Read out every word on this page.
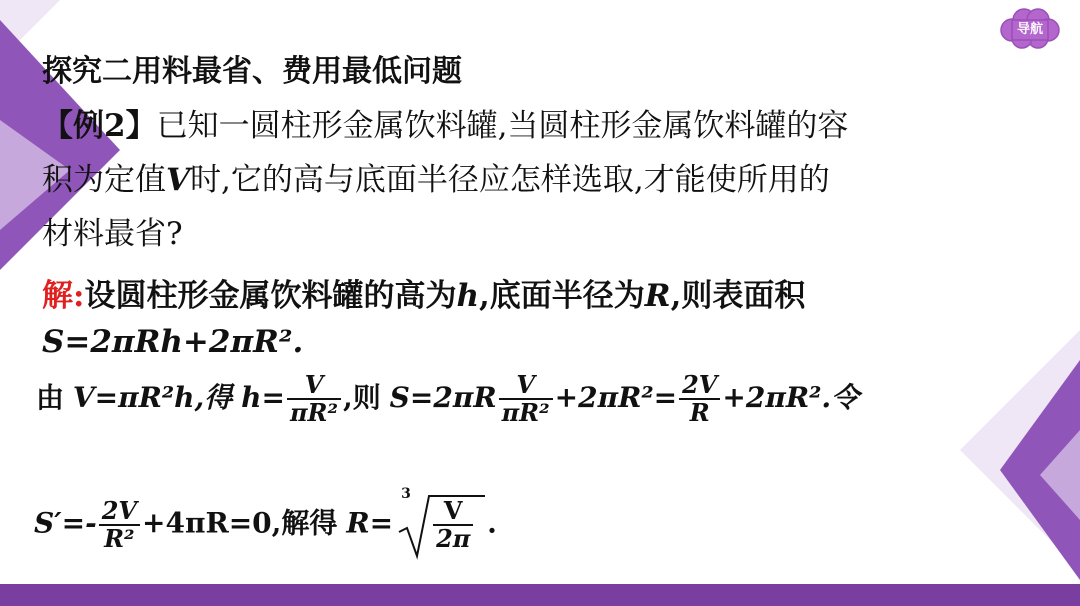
导航
探究二用料最省、费用最低问题
【例2】已知一圆柱形金属饮料罐,当圆柱形金属饮料罐的容
积为定值V时,它的高与底面半径应怎样选取,才能使所用的
材料最省?
解:设圆柱形金属饮料罐的高为h,底面半径为R,则表面积
S=2πRh+2πR².
由 V=πR²h,得 $h= \frac{V}{\text{πR²}}$ ,则 $S=2\pi R \frac{V}{\text{πR²}} +2\pi R^2= \frac{2V}{R} +2\pi R^2$.令
$S'=- \frac{2V}{\text{R²}} +4\pi R=0$,解得 R=
3
$\frac{V}{2\pi}$ .
